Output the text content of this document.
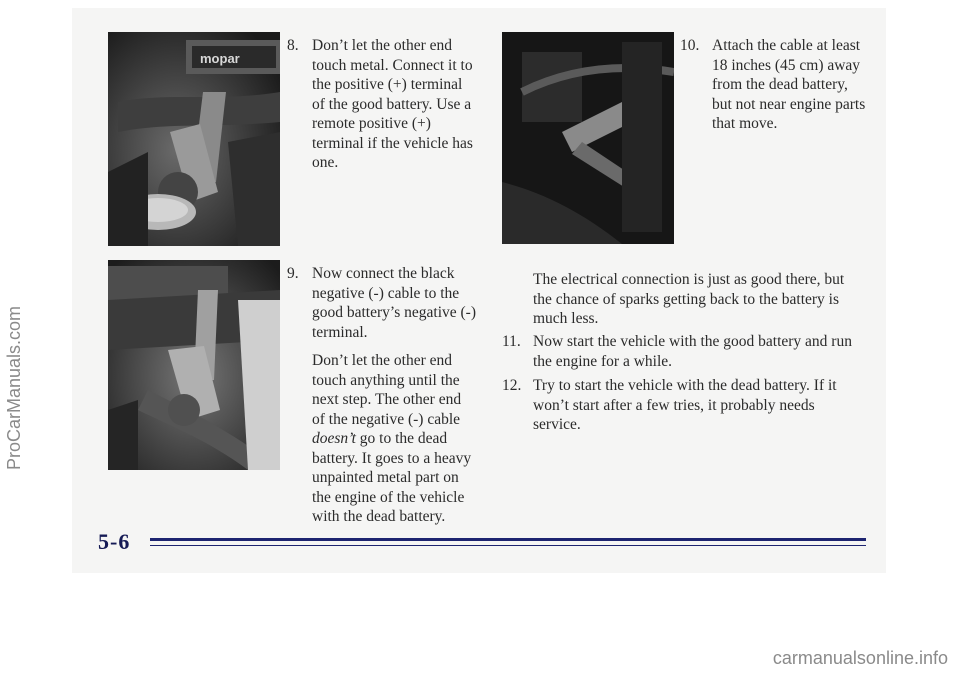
mopar
8. Don’t let the other end touch metal. Connect it to the positive (+) terminal of the good battery. Use a remote positive (+) terminal if the vehicle has one.

9. Now connect the black negative (-) cable to the good battery’s negative (-) terminal.

Don’t let the other end touch anything until the next step. The other end of the negative (-) cable doesn’t go to the dead battery. It goes to a heavy unpainted metal part on the engine of the vehicle with the dead battery.

10. Attach the cable at least 18 inches (45 cm) away from the dead battery, but not near engine parts that move.

The electrical connection is just as good there, but the chance of sparks getting back to the battery is much less.

11. Now start the vehicle with the good battery and run the engine for a while.

12. Try to start the vehicle with the dead battery. If it won’t start after a few tries, it probably needs service.

5-6
ProCarManuals.com
carmanualsonline.info
